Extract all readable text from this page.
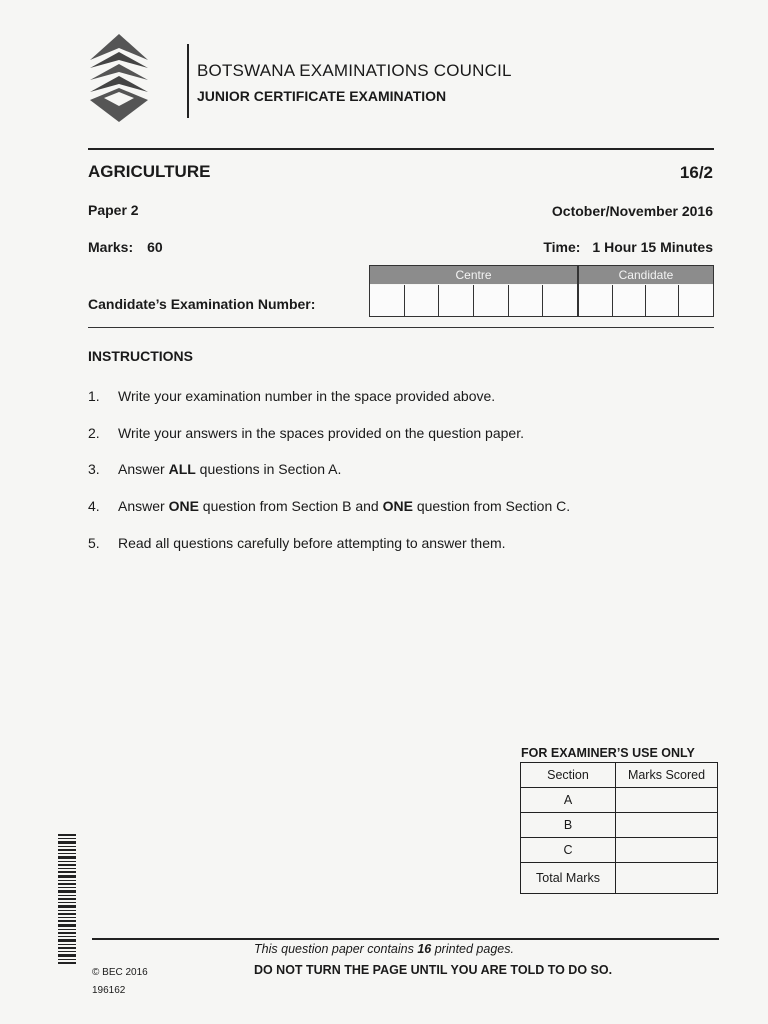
BOTSWANA EXAMINATIONS COUNCIL
JUNIOR CERTIFICATE EXAMINATION
AGRICULTURE	16/2
Paper 2	October/November 2016
Marks: 60	Time: 1 Hour 15 Minutes
Centre	Candidate
Candidate’s Examination Number:
INSTRUCTIONS
1. Write your examination number in the space provided above.
2. Write your answers in the spaces provided on the question paper.
3. Answer ALL questions in Section A.
4. Answer ONE question from Section B and ONE question from Section C.
5. Read all questions carefully before attempting to answer them.
FOR EXAMINER’S USE ONLY
Section	Marks Scored
A	
B	
C	
Total Marks	
This question paper contains 16 printed pages.
DO NOT TURN THE PAGE UNTIL YOU ARE TOLD TO DO SO.
© BEC 2016
196162
